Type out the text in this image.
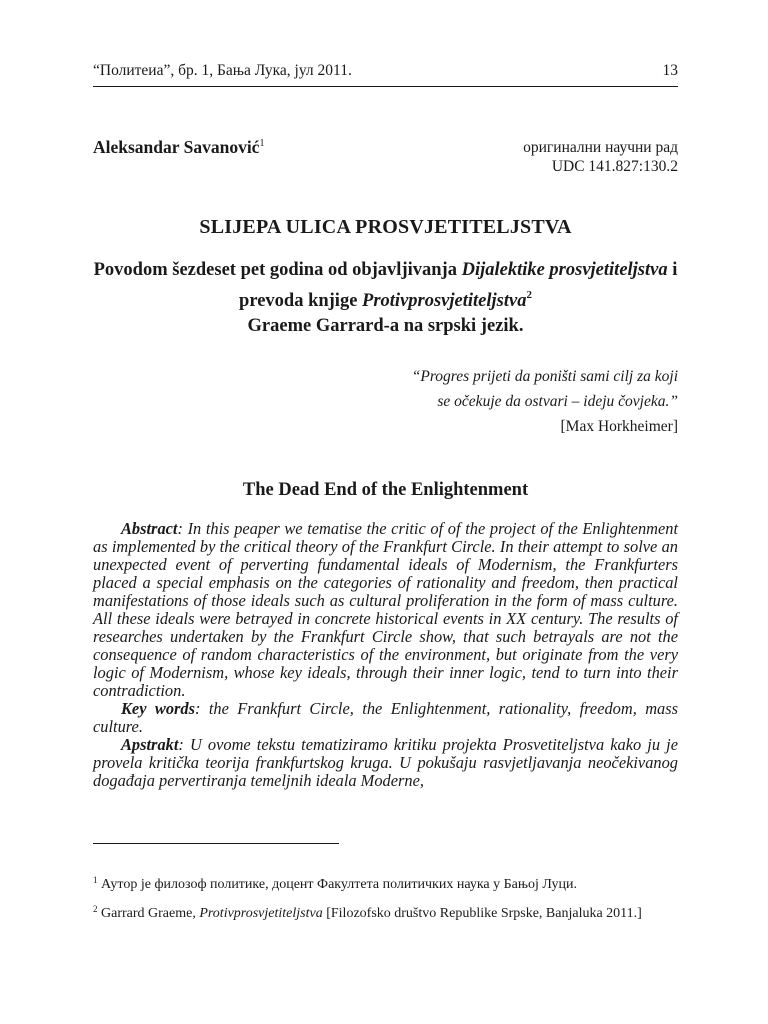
“Политеиа”, бр. 1, Бања Лука, јул 2011.	13
Aleksandar Savanović$^1$	оригинални научни рад
UDC 141.827:130.2
SLIJEPA ULICA PROSVJETITELJSTVA
Povodom šezdeset pet godina od objavljivanja Dijalektike prosvjetiteljstva i prevoda knjige Protivprosvjetiteljstva$^2$
Graeme Garrard-a na srpski jezik.
“Progres prijeti da poništi sami cilj za koji
se očekuje da ostvari – ideju čovjeka.”
[Max Horkheimer]
The Dead End of the Enlightenment

Abstract: In this peaper we tematise the critic of of the project of the Enlightenment as implemented by the critical theory of the Frankfurt Circle. In their attempt to solve an unexpected event of perverting fundamental ideals of Modernism, the Frankfurters placed a special emphasis on the categories of rationality and freedom, then practical manifestations of those ideals such as cultural proliferation in the form of mass culture. All these ideals were betrayed in concrete historical events in XX century. The results of researches undertaken by the Frankfurt Circle show, that such betrayals are not the consequence of random characteristics of the environment, but originate from the very logic of Modernism, whose key ideals, through their inner logic, tend to turn into their contradiction.

Key words: the Frankfurt Circle, the Enlightenment, rationality, freedom, mass culture.

Apstrakt: U ovome tekstu tematiziramo kritiku projekta Prosvetiteljstva kako ju je provela kritička teorija frankfurtskog kruga. U pokušaju rasvjetljavanja neočekivanog događaja pervertiranja temeljnih ideala Moderne,

$^1$ Аутор је филозоф политике, доцент Факултета политичких наука у Бањој Луци.
$^2$ Garrard Graeme, Protivprosvjetiteljstva [Filozofsko društvo Republike Srpske, Banjaluka 2011.]
